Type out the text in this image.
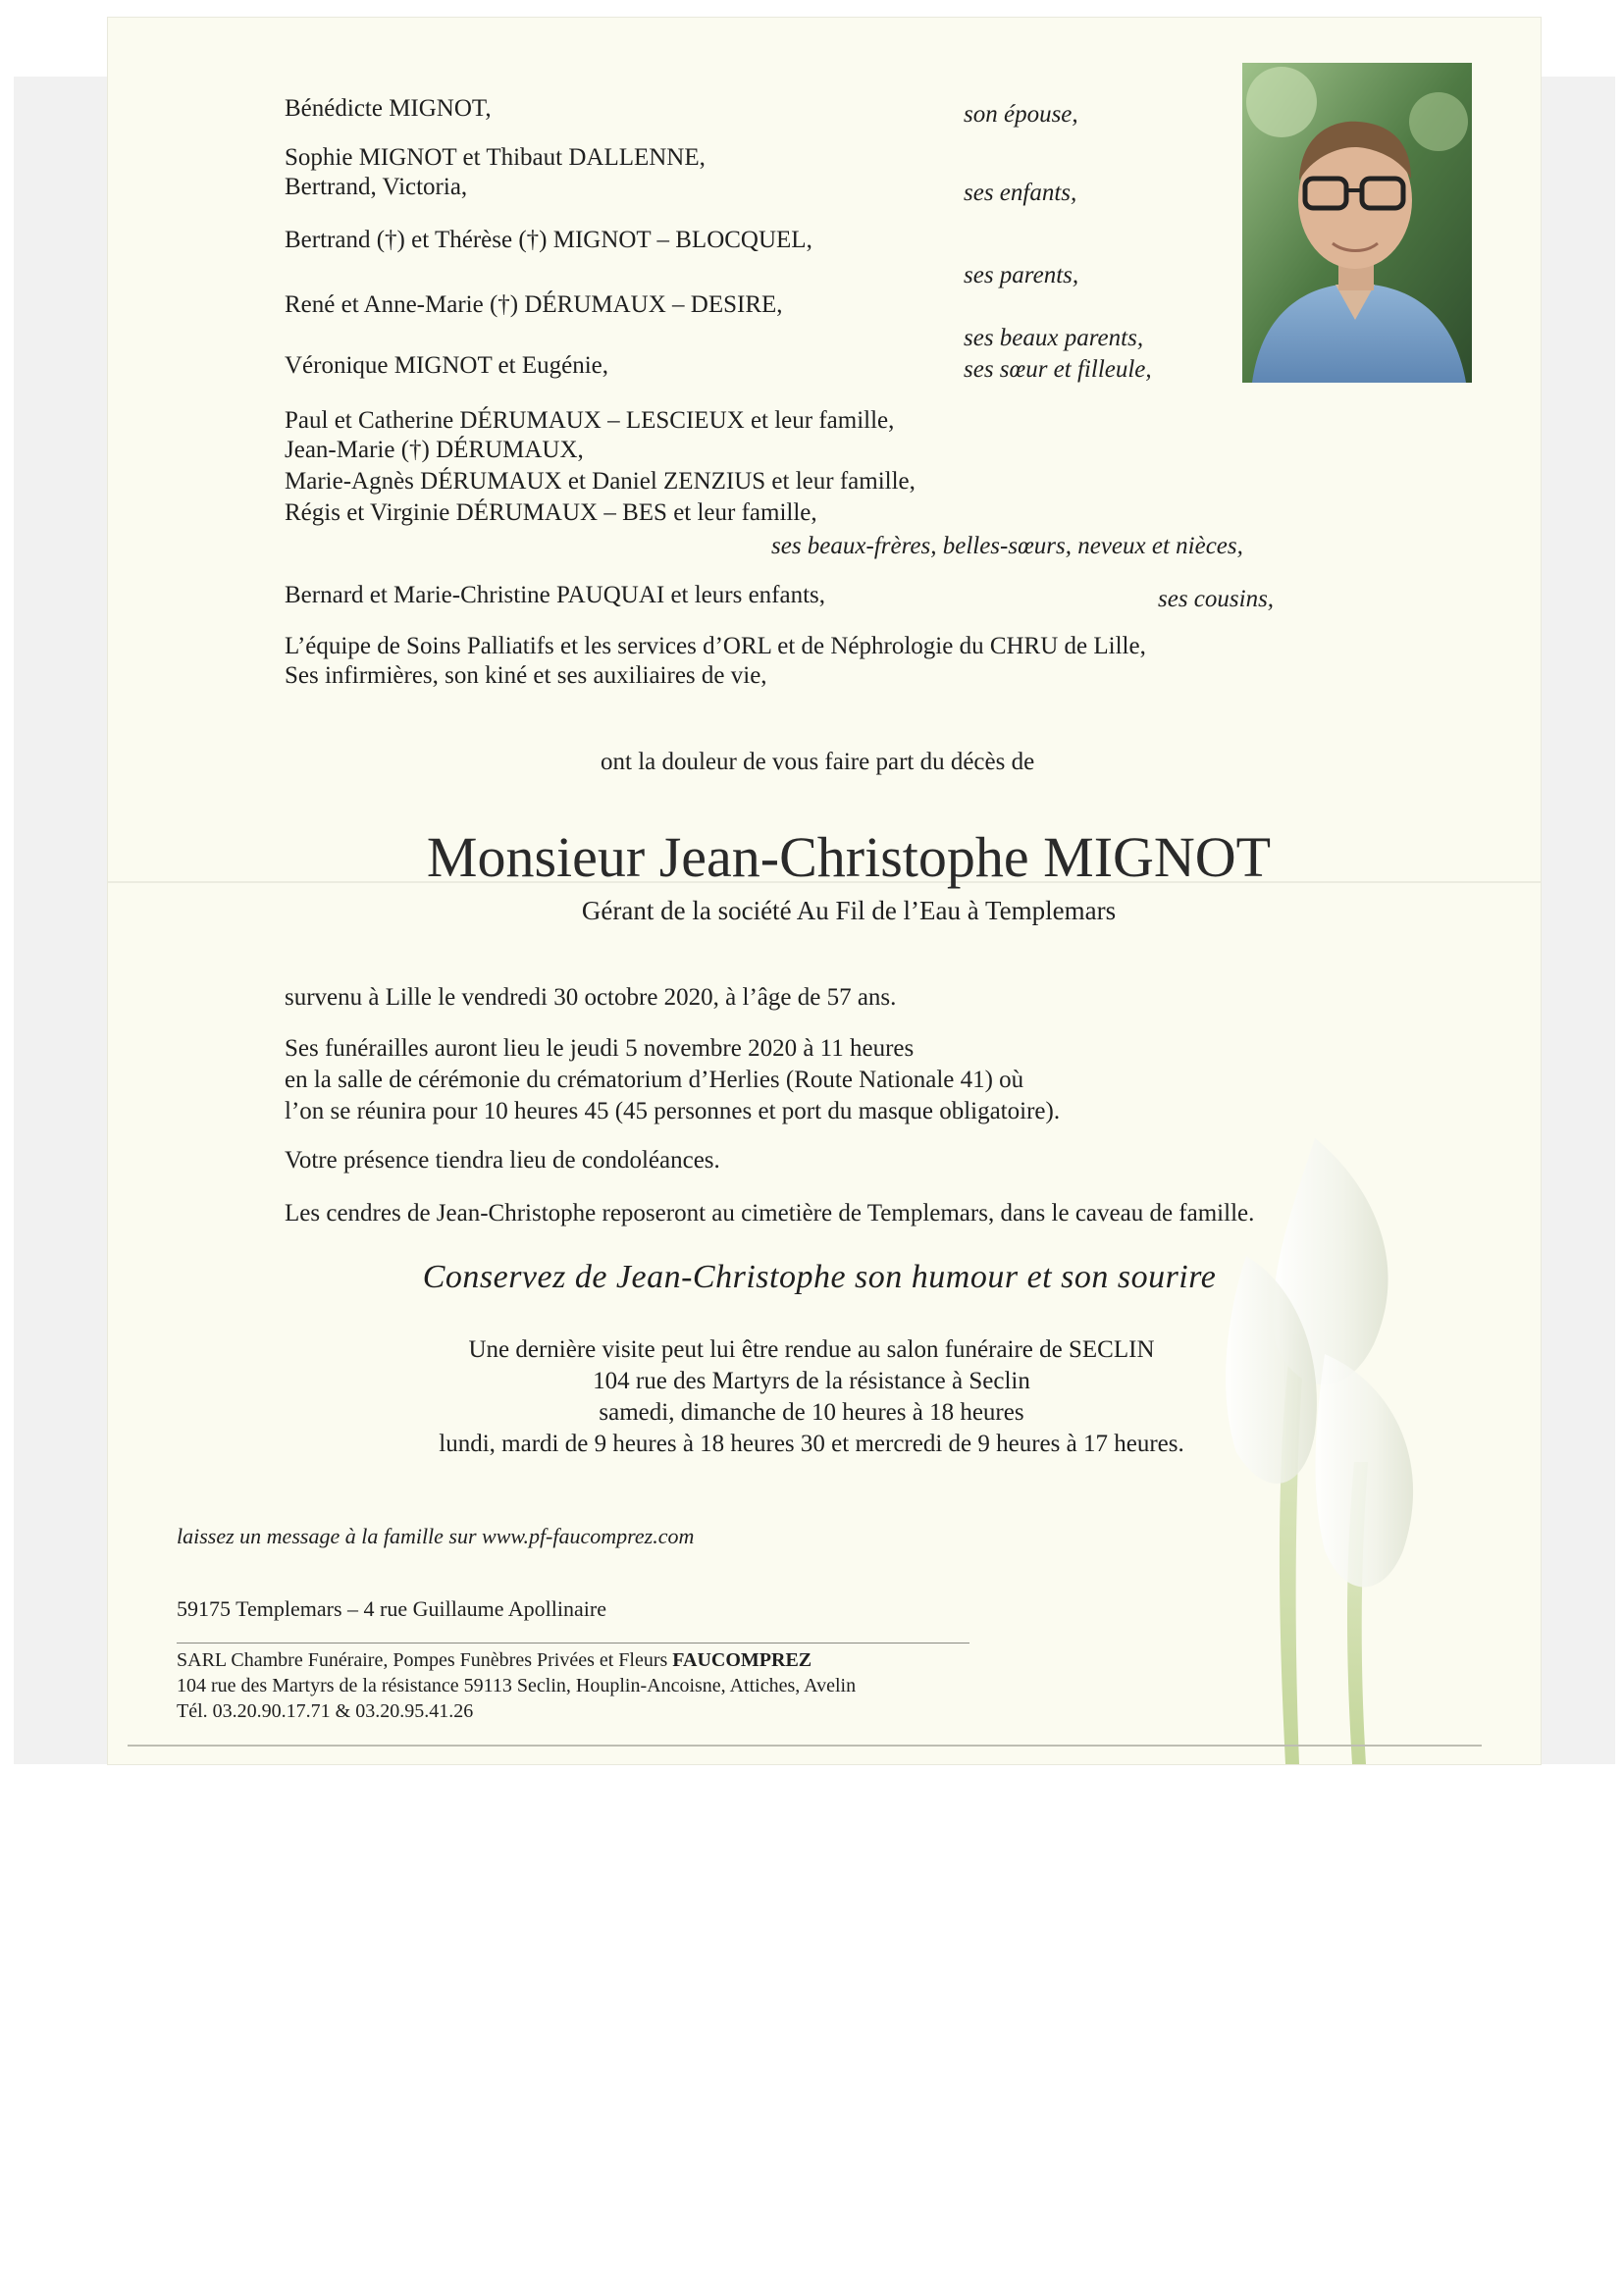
Bénédicte MIGNOT,
Sophie MIGNOT et Thibaut DALLENNE,
Bertrand, Victoria,
Bertrand (†) et Thérèse (†) MIGNOT – BLOCQUEL,
René et Anne-Marie (†) DÉRUMAUX – DESIRE,
Véronique MIGNOT et Eugénie,
Paul et Catherine DÉRUMAUX – LESCIEUX et leur famille,
Jean-Marie (†) DÉRUMAUX,
Marie-Agnès DÉRUMAUX et Daniel ZENZIUS et leur famille,
Régis et Virginie DÉRUMAUX – BES et leur famille,
Bernard et Marie-Christine PAUQUAI et leurs enfants,
L’équipe de Soins Palliatifs et les services d’ORL et de Néphrologie du CHRU de Lille,
Ses infirmières, son kiné et ses auxiliaires de vie,
son épouse,
ses enfants,
ses parents,
ses beaux parents,
ses sœur et filleule,
ses beaux-frères, belles-sœurs, neveux et nièces,
ses cousins,
ont la douleur de vous faire part du décès de
Monsieur Jean-Christophe MIGNOT
Gérant de la société Au Fil de l’Eau à Templemars
survenu à Lille le vendredi 30 octobre 2020, à l’âge de 57 ans.
Ses funérailles auront lieu le jeudi 5 novembre 2020 à 11 heures
en la salle de cérémonie du crématorium d’Herlies (Route Nationale 41) où
l’on se réunira pour 10 heures 45 (45 personnes et port du masque obligatoire).
Votre présence tiendra lieu de condoléances.
Les cendres de Jean-Christophe reposeront au cimetière de Templemars, dans le caveau de famille.
Conservez de Jean-Christophe son humour et son sourire
Une dernière visite peut lui être rendue au salon funéraire de SECLIN
104 rue des Martyrs de la résistance à Seclin
samedi, dimanche de 10 heures à 18 heures
lundi, mardi de 9 heures à 18 heures 30 et mercredi de 9 heures à 17 heures.
laissez un message à la famille sur www.pf-faucomprez.com
59175 Templemars – 4 rue Guillaume Apollinaire
SARL Chambre Funéraire, Pompes Funèbres Privées et Fleurs FAUCOMPREZ
104 rue des Martyrs de la résistance 59113 Seclin, Houplin-Ancoisne, Attiches, Avelin
Tél. 03.20.90.17.71 & 03.20.95.41.26
